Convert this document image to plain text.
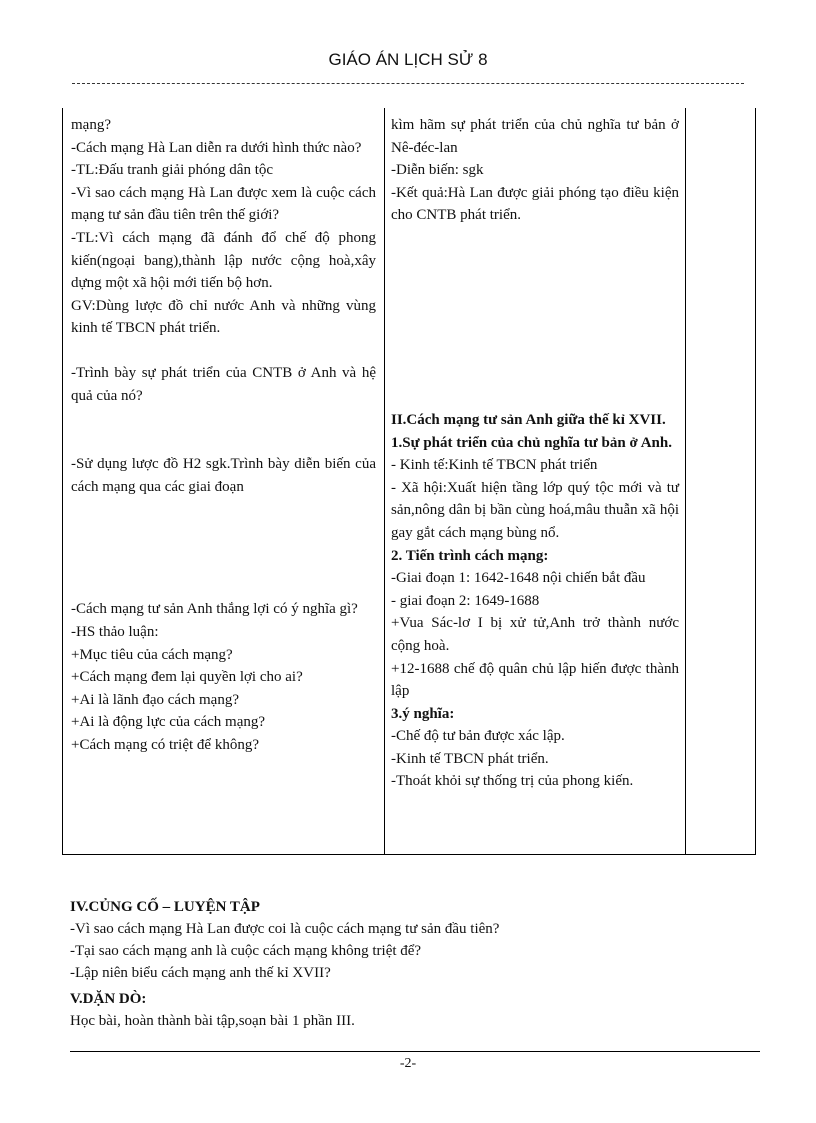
GIÁO ÁN LỊCH SỬ 8

mạng?

-Cách mạng Hà Lan diễn ra dưới hình thức nào?

-TL:Đấu tranh giải phóng dân tộc

-Vì sao cách mạng Hà Lan được xem là cuộc cách mạng tư sản đầu tiên trên thế giới?

-TL:Vì cách mạng đã đánh đổ chế độ phong kiến(ngoại bang),thành lập nước cộng hoà,xây dựng một xã hội mới tiến bộ hơn.

GV:Dùng lược đồ chỉ nước Anh và những vùng kinh tế TBCN phát triển.

-Trình bày sự phát triển của CNTB ở Anh và hệ quả của nó?

-Sử dụng lược đồ H2 sgk.Trình bày diễn biến của cách mạng qua các giai đoạn

-Cách mạng tư sản Anh thắng lợi có ý nghĩa gì?

-HS thảo luận:

+Mục tiêu của cách mạng?

+Cách mạng đem lại quyền lợi cho ai?

+Ai là lãnh đạo cách mạng?

+Ai là động lực của cách mạng?

+Cách mạng có triệt để không?

kìm hãm sự phát triển của chủ nghĩa tư bản ở Nê-đéc-lan

-Diễn biến: sgk

-Kết quả:Hà Lan được giải phóng tạo điều kiện cho CNTB phát triển.

II.Cách mạng tư sản Anh giữa thế kỉ XVII.

1.Sự phát triển của chủ nghĩa tư bản ở Anh.

- Kinh tế:Kinh tế TBCN phát triển

- Xã hội:Xuất hiện tầng lớp quý tộc mới và tư sản,nông dân bị bần cùng hoá,mâu thuẫn xã hội gay gắt cách mạng bùng nổ.

2. Tiến trình cách mạng:

-Giai đoạn 1: 1642-1648 nội chiến bắt đầu

- giai đoạn 2: 1649-1688

+Vua Sác-lơ I bị xử tử,Anh trở thành nước cộng hoà.

+12-1688 chế độ quân chủ lập hiến được thành lập

3.ý nghĩa:

-Chế độ tư bản được xác lập.

-Kinh tế TBCN phát triển.

-Thoát khỏi sự thống trị của phong kiến.

IV.CỦNG CỐ – LUYỆN TẬP

-Vì sao cách mạng Hà Lan được coi là cuộc cách mạng tư sản đầu tiên?

-Tại sao cách mạng anh là cuộc cách mạng không triệt để?

-Lập niên biểu cách mạng anh thế kỉ XVII?

V.DẶN DÒ:

Học bài, hoàn thành bài tập,soạn bài 1 phần III.

-2-
